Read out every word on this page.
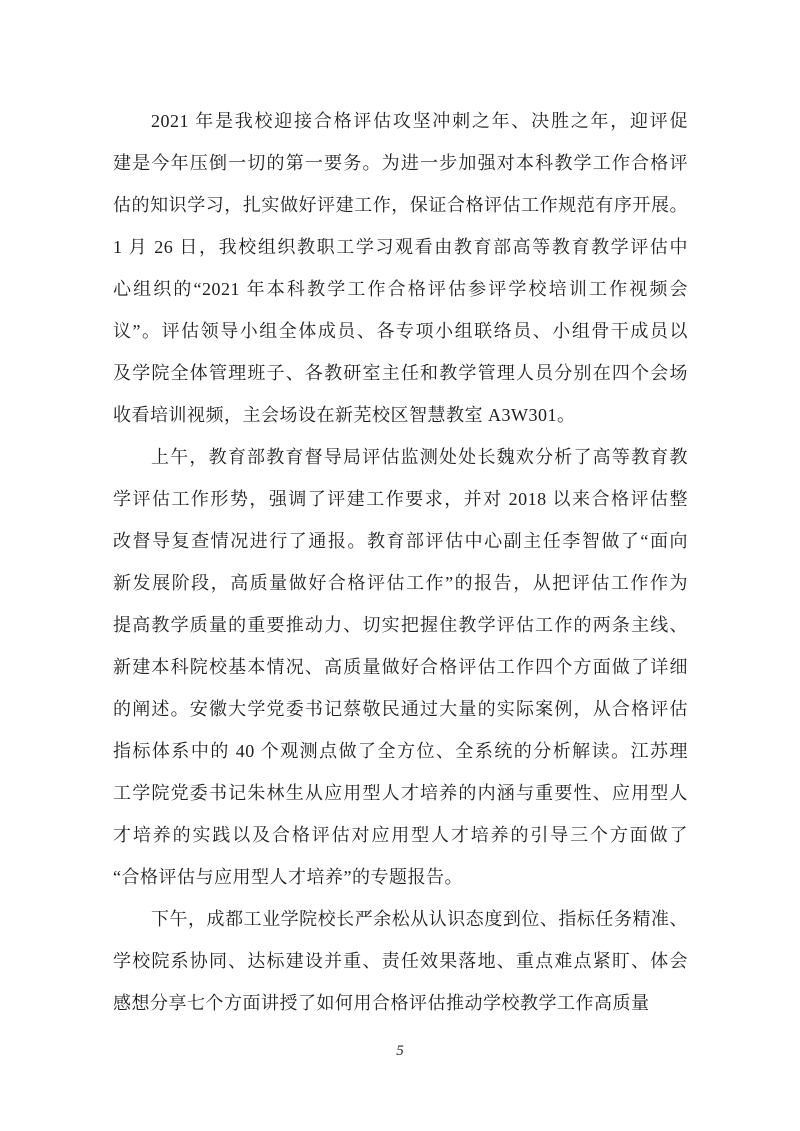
2021 年是我校迎接合格评估攻坚冲刺之年、决胜之年，迎评促
建是今年压倒一切的第一要务。为进一步加强对本科教学工作合格评
估的知识学习，扎实做好评建工作，保证合格评估工作规范有序开展。
1 月 26 日，我校组织教职工学习观看由教育部高等教育教学评估中
心组织的“2021 年本科教学工作合格评估参评学校培训工作视频会
议”。评估领导小组全体成员、各专项小组联络员、小组骨干成员以
及学院全体管理班子、各教研室主任和教学管理人员分别在四个会场
收看培训视频，主会场设在新芜校区智慧教室 A3W301。
上午，教育部教育督导局评估监测处处长魏欢分析了高等教育教
学评估工作形势，强调了评建工作要求，并对 2018 以来合格评估整
改督导复查情况进行了通报。教育部评估中心副主任李智做了“面向
新发展阶段，高质量做好合格评估工作”的报告，从把评估工作作为
提高教学质量的重要推动力、切实把握住教学评估工作的两条主线、
新建本科院校基本情况、高质量做好合格评估工作四个方面做了详细
的阐述。安徽大学党委书记蔡敬民通过大量的实际案例，从合格评估
指标体系中的 40 个观测点做了全方位、全系统的分析解读。江苏理
工学院党委书记朱林生从应用型人才培养的内涵与重要性、应用型人
才培养的实践以及合格评估对应用型人才培养的引导三个方面做了
“合格评估与应用型人才培养”的专题报告。
下午，成都工业学院校长严余松从认识态度到位、指标任务精准、
学校院系协同、达标建设并重、责任效果落地、重点难点紧盯、体会
感想分享七个方面讲授了如何用合格评估推动学校教学工作高质量
5
